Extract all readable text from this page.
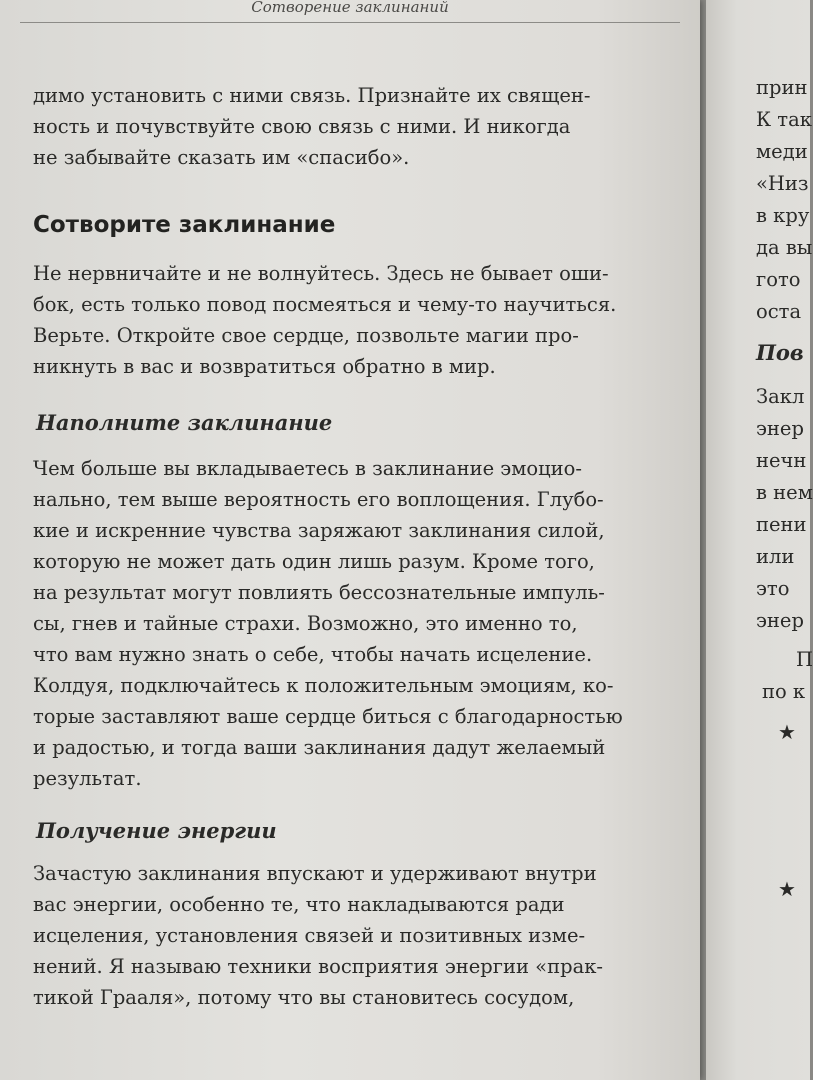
Сотворение заклинаний
димо установить с ними связь. Признайте их священ-
ность и почувствуйте свою связь с ними. И никогда
не забывайте сказать им «спасибо».
Сотворите заклинание
Не нервничайте и не волнуйтесь. Здесь не бывает оши-
бок, есть только повод посмеяться и чему-то научиться.
Верьте. Откройте свое сердце, позвольте магии про-
никнуть в вас и возвратиться обратно в мир.
Наполните заклинание
Чем больше вы вкладываетесь в заклинание эмоцио-
нально, тем выше вероятность его воплощения. Глубо-
кие и искренние чувства заряжают заклинания силой,
которую не может дать один лишь разум. Кроме того,
на результат могут повлиять бессознательные импуль-
сы, гнев и тайные страхи. Возможно, это именно то,
что вам нужно знать о себе, чтобы начать исцеление.
Колдуя, подключайтесь к положительным эмоциям, ко-
торые заставляют ваше сердце биться с благодарностью
и радостью, и тогда ваши заклинания дадут желаемый
результат.
Получение энергии
Зачастую заклинания впускают и удерживают внутри
вас энергии, особенно те, что накладываются ради
исцеления, установления связей и позитивных изме-
нений. Я называю техники восприятия энергии «прак-
тикой Грааля», потому что вы становитесь сосудом,
прин
К так
меди
«Низ
в кру
да вы
гото
оста
Пов
Закл
энер
нечн
в нем
пени
или
это
энер
П
по к
★
★
